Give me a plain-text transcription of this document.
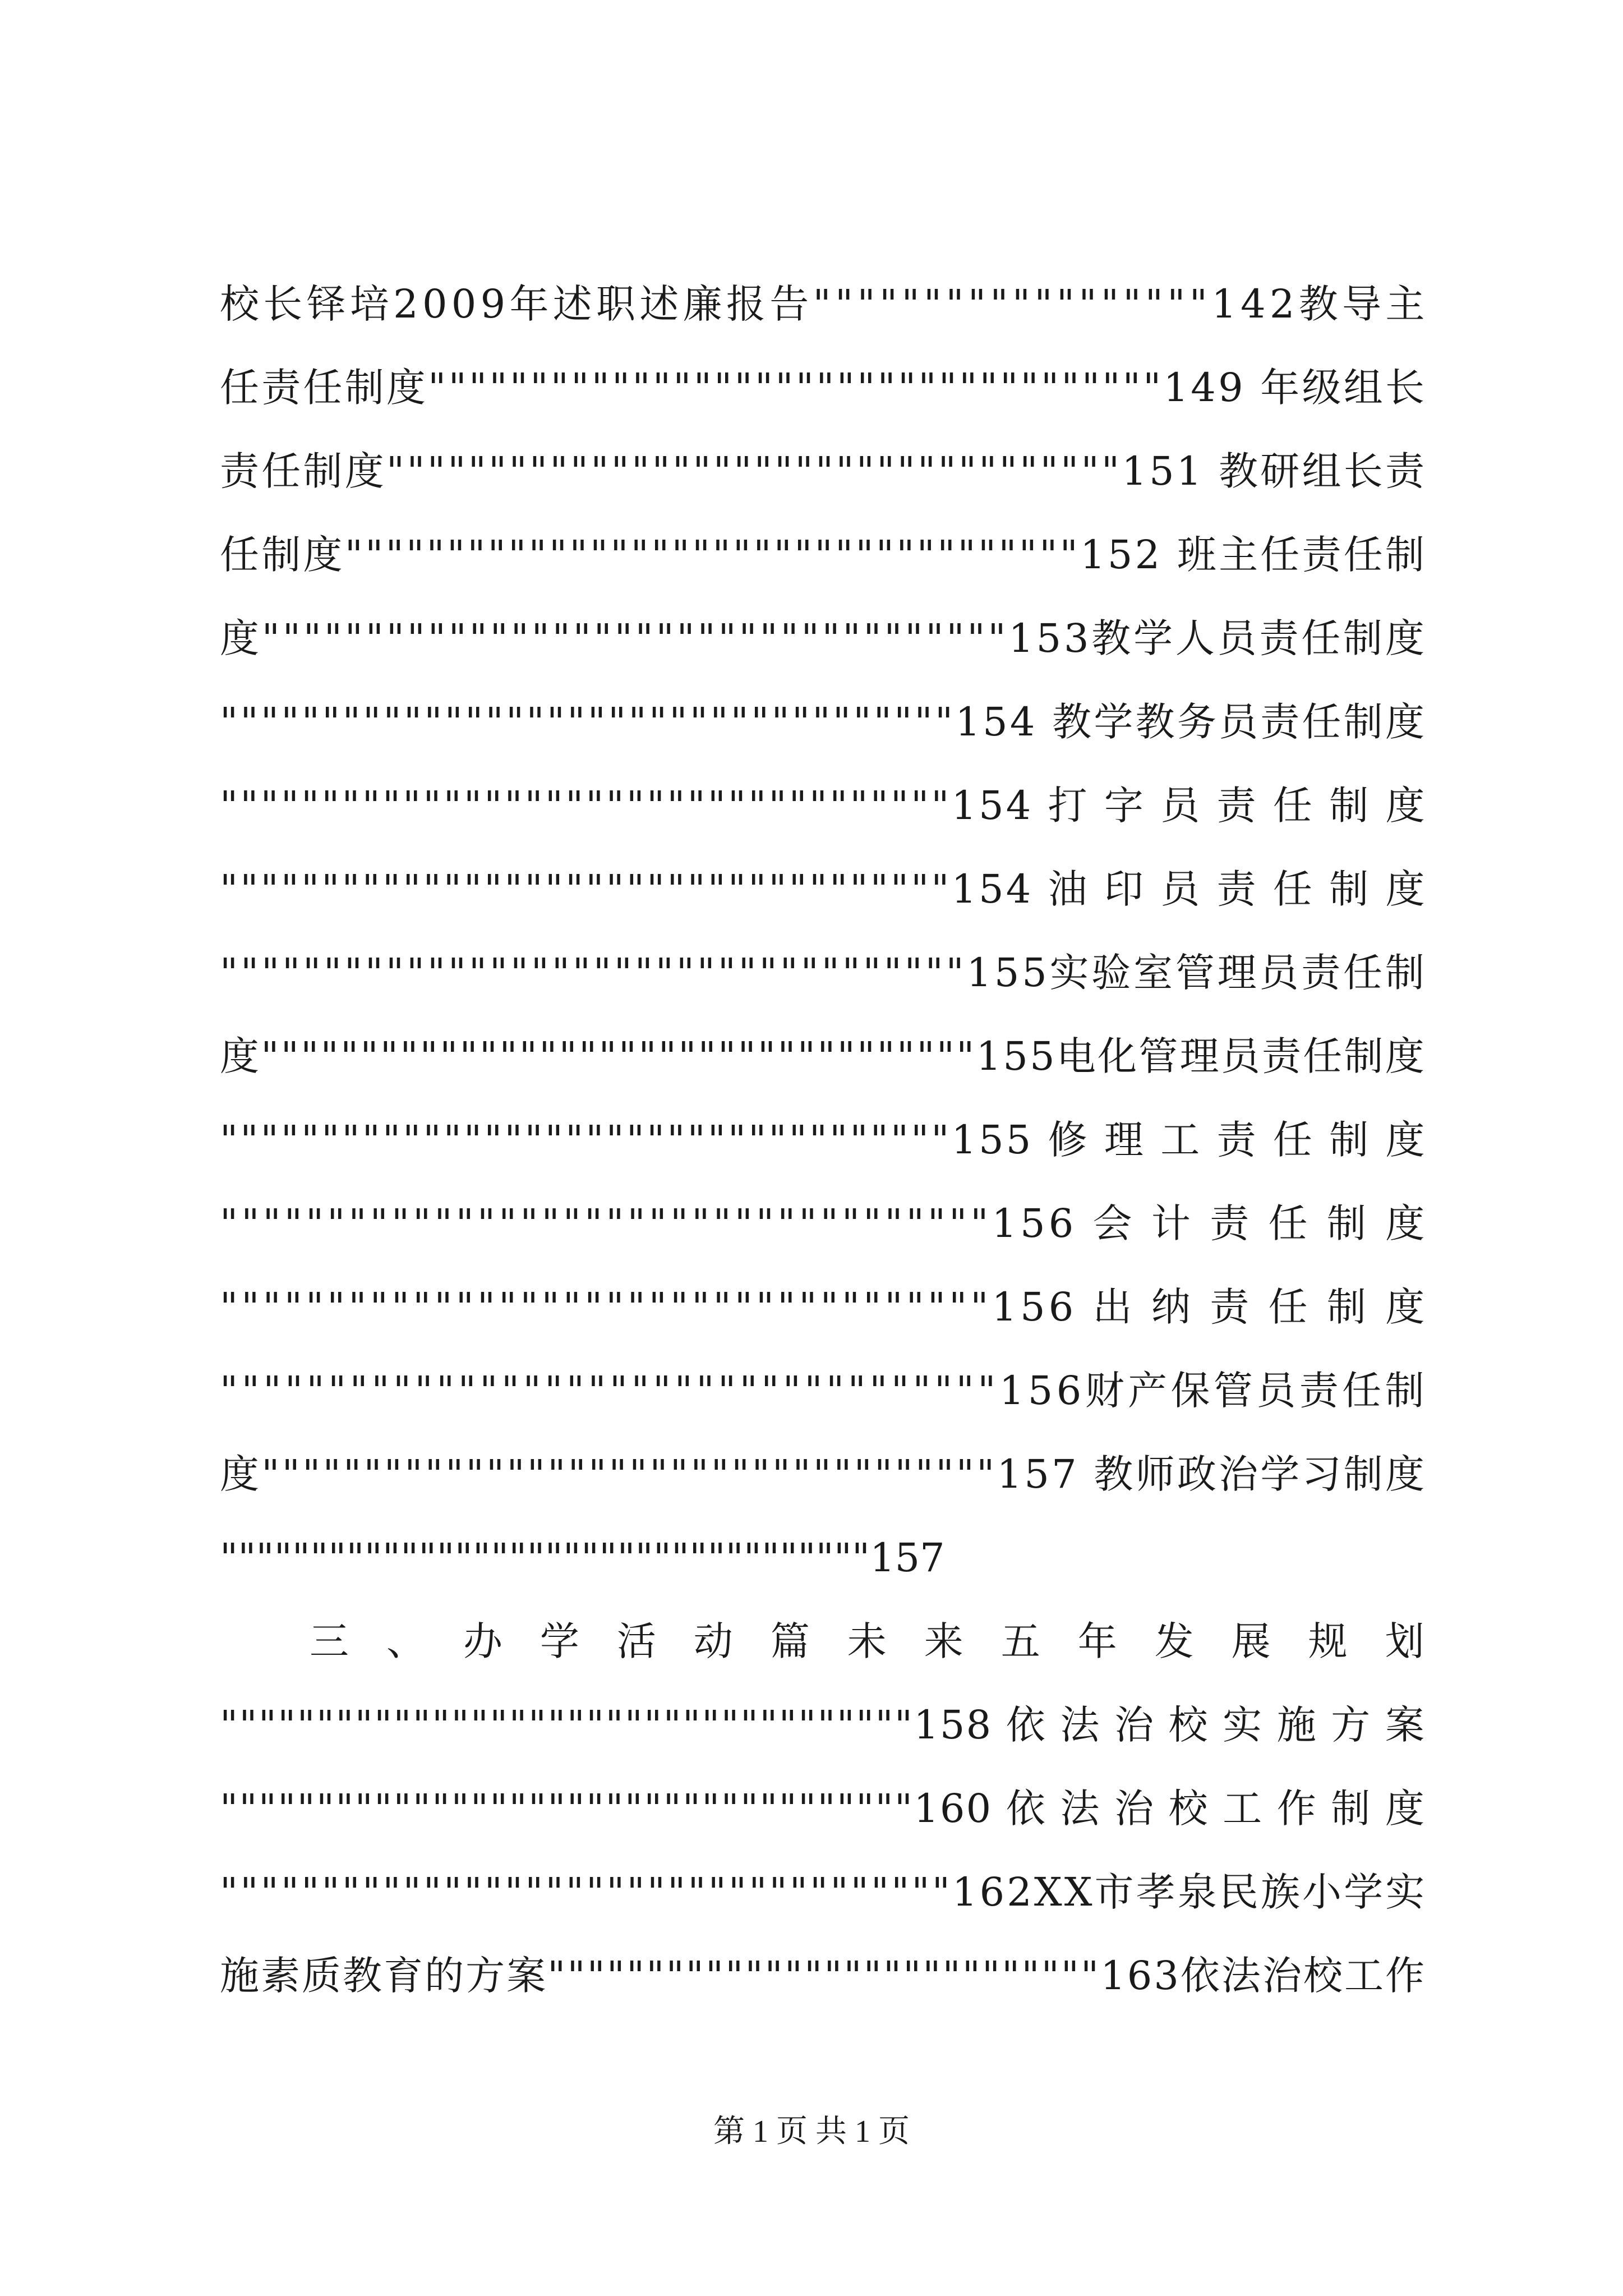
校长铎培2009年述职述廉报告""""""""""""""""""142教导主
任责任制度""""""""""""""""""""""""""""""""""""149 年级组长
责任制度""""""""""""""""""""""""""""""""""""151 教研组长责
任制度""""""""""""""""""""""""""""""""""""152 班主任责任制
度""""""""""""""""""""""""""""""""""""153教学人员责任制度
""""""""""""""""""""""""""""""""""""154 教学教务员责任制度
""""""""""""""""""""""""""""""""""""154 打 字 员 责 任 制 度
""""""""""""""""""""""""""""""""""""154 油 印 员 责 任 制 度
""""""""""""""""""""""""""""""""""""155实验室管理员责任制
度""""""""""""""""""""""""""""""""""""155电化管理员责任制度
""""""""""""""""""""""""""""""""""""155 修 理 工 责 任 制 度
""""""""""""""""""""""""""""""""""""156 会 计 责 任 制 度
""""""""""""""""""""""""""""""""""""156 出 纳 责 任 制 度
""""""""""""""""""""""""""""""""""""156财产保管员责任制
度""""""""""""""""""""""""""""""""""""157 教师政治学习制度
""""""""""""""""""""""""""""""""""""157
三 、 办 学 活 动 篇 未 来 五 年 发 展 规 划
""""""""""""""""""""""""""""""""""""158 依 法 治 校 实 施 方 案
""""""""""""""""""""""""""""""""""""160 依 法 治 校 工 作 制 度
""""""""""""""""""""""""""""""""""""162XX市孝泉民族小学实
施素质教育的方案""""""""""""""""""""""""""""163依法治校工作
第 1 页 共 1 页
